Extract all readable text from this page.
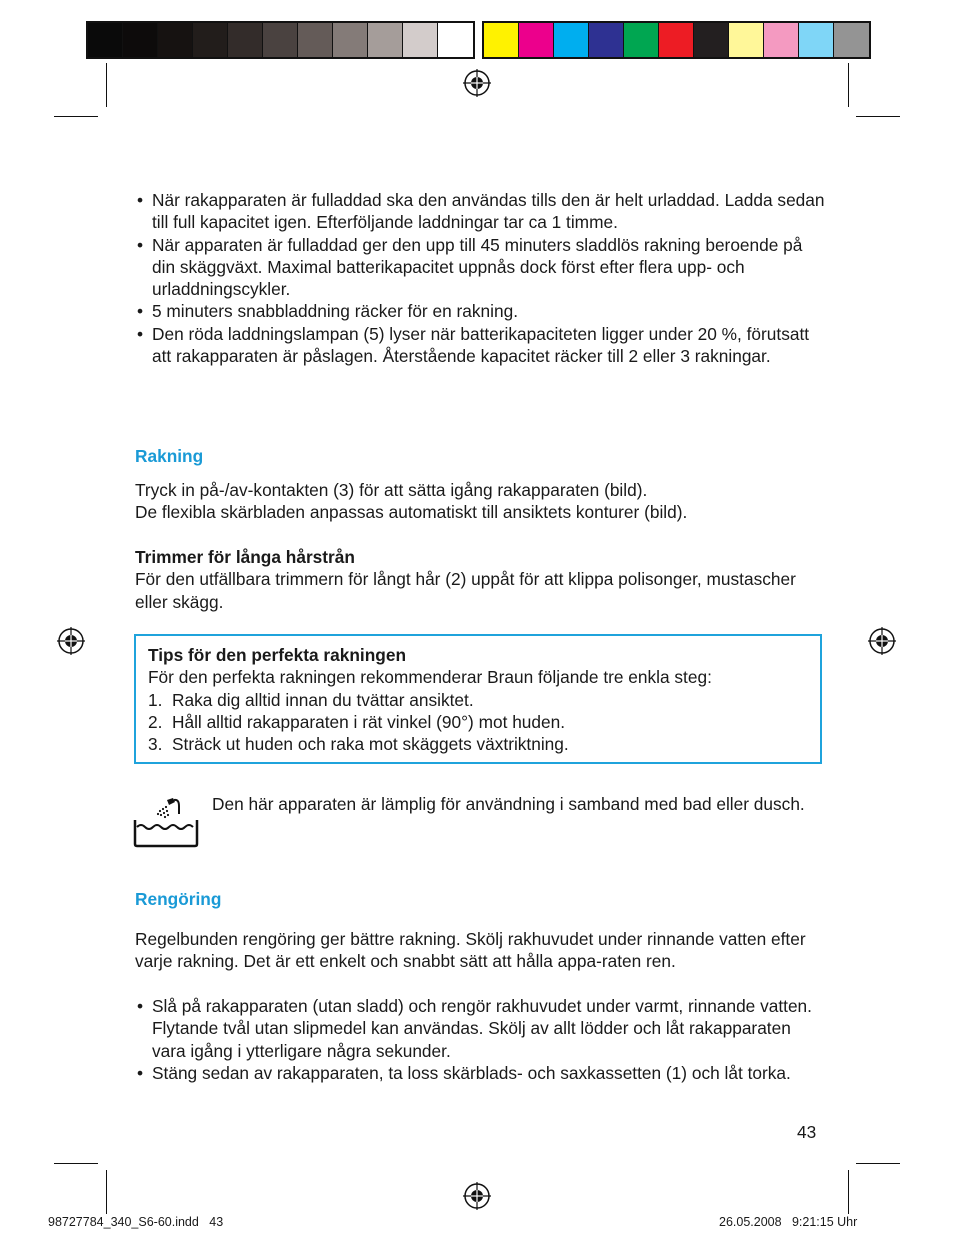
• När rakapparaten är fulladdad ska den användas tills den är helt urladdad. Ladda sedan till full kapacitet igen. Efterföljande laddningar tar ca 1 timme.
• När apparaten är fulladdad ger den upp till 45 minuters sladdlös rakning beroende på din skäggväxt. Maximal batterikapacitet uppnås dock först efter flera upp- och urladdningscykler.
• 5 minuters snabbladdning räcker för en rakning.
• Den röda laddningslampan (5) lyser när batterikapaciteten ligger under 20 %, förutsatt att rakapparaten är påslagen. Återstående kapacitet räcker till 2 eller 3 rakningar.
Rakning
Tryck in på-/av-kontakten (3) för att sätta igång rakapparaten (bild).
De flexibla skärbladen anpassas automatiskt till ansiktets konturer (bild).
Trimmer för långa hårstrån
För den utfällbara trimmern för långt hår (2) uppåt för att klippa polisonger, mustascher eller skägg.
Tips för den perfekta rakningen
För den perfekta rakningen rekommenderar Braun följande tre enkla steg:
1. Raka dig alltid innan du tvättar ansiktet.
2. Håll alltid rakapparaten i rät vinkel (90°) mot huden.
3. Sträck ut huden och raka mot skäggets växtriktning.
Den här apparaten är lämplig för användning i samband med bad eller dusch.
Rengöring
Regelbunden rengöring ger bättre rakning. Skölj rakhuvudet under rinnande vatten efter varje rakning. Det är ett enkelt och snabbt sätt att hålla appa-raten ren.
• Slå på rakapparaten (utan sladd) och rengör rakhuvudet under varmt, rinnande vatten. Flytande tvål utan slipmedel kan användas. Skölj av allt lödder och låt rakapparaten vara igång i ytterligare några sekunder.
• Stäng sedan av rakapparaten, ta loss skärblads- och saxkassetten (1) och låt torka.
43
98727784_340_S6-60.indd   43	26.05.2008   9:21:15 Uhr
